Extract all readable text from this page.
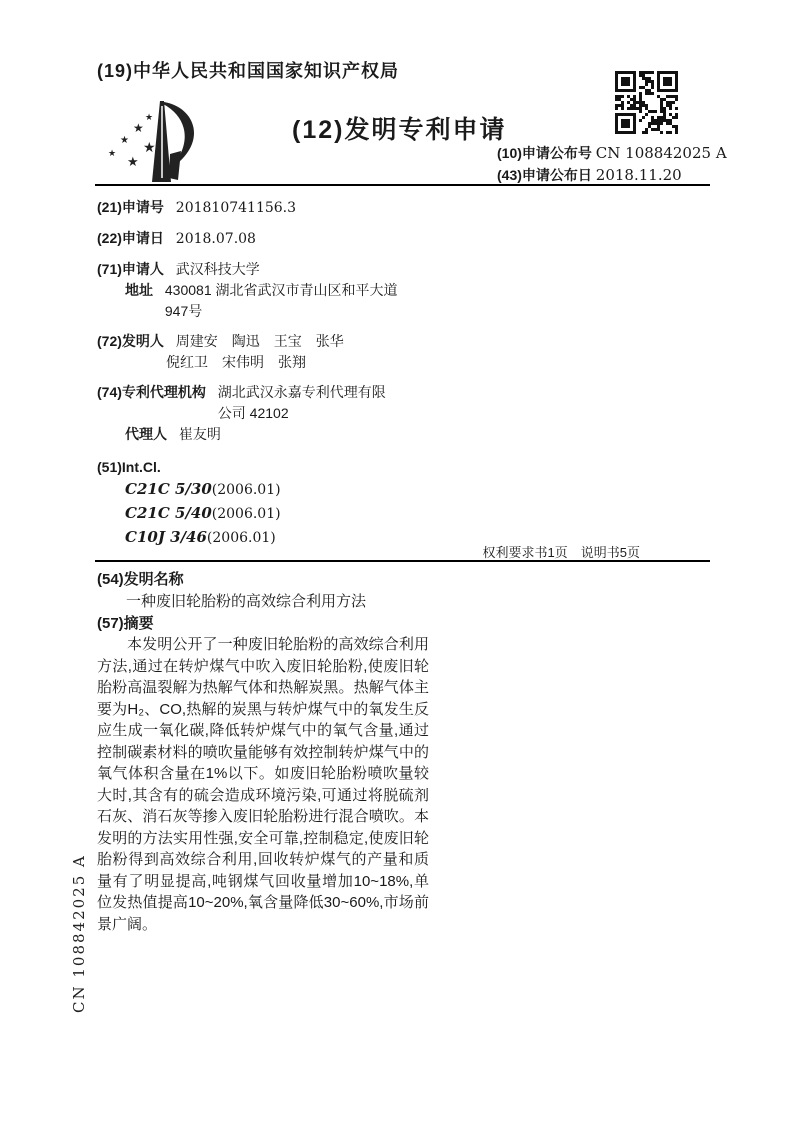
(19)中华人民共和国国家知识产权局
★
★
★
★
★
★
(12)发明专利申请
(10)申请公布号 CN 108842025 A
(43)申请公布日 2018.11.20
(21)申请号 201810741156.3
(22)申请日 2018.07.08
(71)申请人 武汉科技大学
地址 430081 湖北省武汉市青山区和平大道947号
(72)发明人 周建安　陶迅　王宝　张华
倪红卫　宋伟明　张翔
(74)专利代理机构 湖北武汉永嘉专利代理有限公司 42102
代理人 崔友明
(51)Int.Cl.
C21C 5/30(2006.01)
C21C 5/40(2006.01)
C10J 3/46(2006.01)
权利要求书1页　说明书5页
(54)发明名称
一种废旧轮胎粉的高效综合利用方法
(57)摘要
本发明公开了一种废旧轮胎粉的高效综合利用方法,通过在转炉煤气中吹入废旧轮胎粉,使废旧轮胎粉高温裂解为热解气体和热解炭黑。热解气体主要为H₂、CO,热解的炭黑与转炉煤气中的氧发生反应生成一氧化碳,降低转炉煤气中的氧气含量,通过控制碳素材料的喷吹量能够有效控制转炉煤气中的氧气体积含量在1%以下。如废旧轮胎粉喷吹量较大时,其含有的硫会造成环境污染,可通过将脱硫剂石灰、消石灰等掺入废旧轮胎粉进行混合喷吹。本发明的方法实用性强,安全可靠,控制稳定,使废旧轮胎粉得到高效综合利用,回收转炉煤气的产量和质量有了明显提高,吨钢煤气回收量增加10~18%,单位发热值提高10~20%,氧含量降低30~60%,市场前景广阔。
CN 108842025 A
